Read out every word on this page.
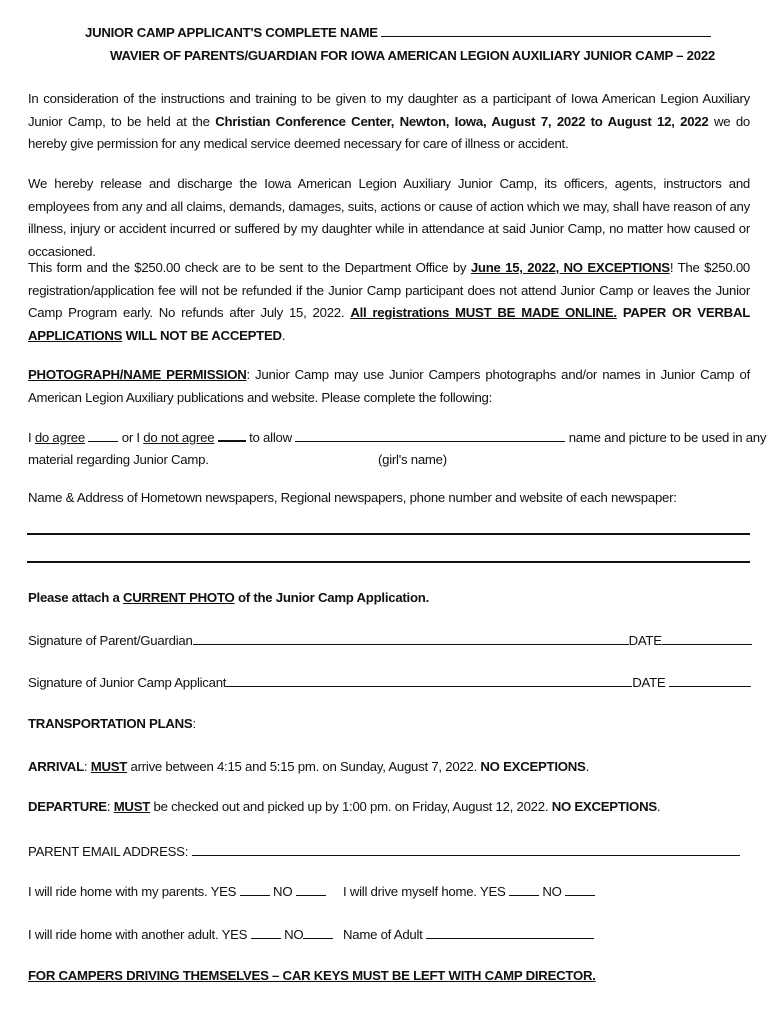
JUNIOR CAMP APPLICANT'S COMPLETE NAME
WAVIER OF PARENTS/GUARDIAN FOR IOWA AMERICAN LEGION AUXILIARY JUNIOR CAMP – 2022
In consideration of the instructions and training to be given to my daughter as a participant of Iowa American Legion Auxiliary Junior Camp, to be held at the Christian Conference Center, Newton, Iowa, August 7, 2022 to August 12, 2022 we do hereby give permission for any medical service deemed necessary for care of illness or accident.
We hereby release and discharge the Iowa American Legion Auxiliary Junior Camp, its officers, agents, instructors and employees from any and all claims, demands, damages, suits, actions or cause of action which we may, shall have reason of any illness, injury or accident incurred or suffered by my daughter while in attendance at said Junior Camp, no matter how caused or occasioned.
This form and the $250.00 check are to be sent to the Department Office by June 15, 2022, NO EXCEPTIONS! The $250.00 registration/application fee will not be refunded if the Junior Camp participant does not attend Junior Camp or leaves the Junior Camp Program early. No refunds after July 15, 2022. All registrations MUST BE MADE ONLINE. PAPER OR VERBAL APPLICATIONS WILL NOT BE ACCEPTED.
PHOTOGRAPH/NAME PERMISSION: Junior Camp may use Junior Campers photographs and/or names in Junior Camp of American Legion Auxiliary publications and website. Please complete the following:
I do agree	or I do not agree	to allow	name and picture to be used in any
material regarding Junior Camp.	(girl's name)
Name & Address of Hometown newspapers, Regional newspapers, phone number and website of each newspaper:
Please attach a CURRENT PHOTO of the Junior Camp Application.
Signature of Parent/Guardian	DATE
Signature of Junior Camp Applicant	DATE
TRANSPORTATION PLANS:
ARRIVAL: MUST arrive between 4:15 and 5:15 pm. on Sunday, August 7, 2022. NO EXCEPTIONS.
DEPARTURE: MUST be checked out and picked up by 1:00 pm. on Friday, August 12, 2022. NO EXCEPTIONS.
PARENT EMAIL ADDRESS:
I will ride home with my parents. YES	NO	I will drive myself home. YES	NO
I will ride home with another adult. YES	NO	Name of Adult
FOR CAMPERS DRIVING THEMSELVES – CAR KEYS MUST BE LEFT WITH CAMP DIRECTOR.
